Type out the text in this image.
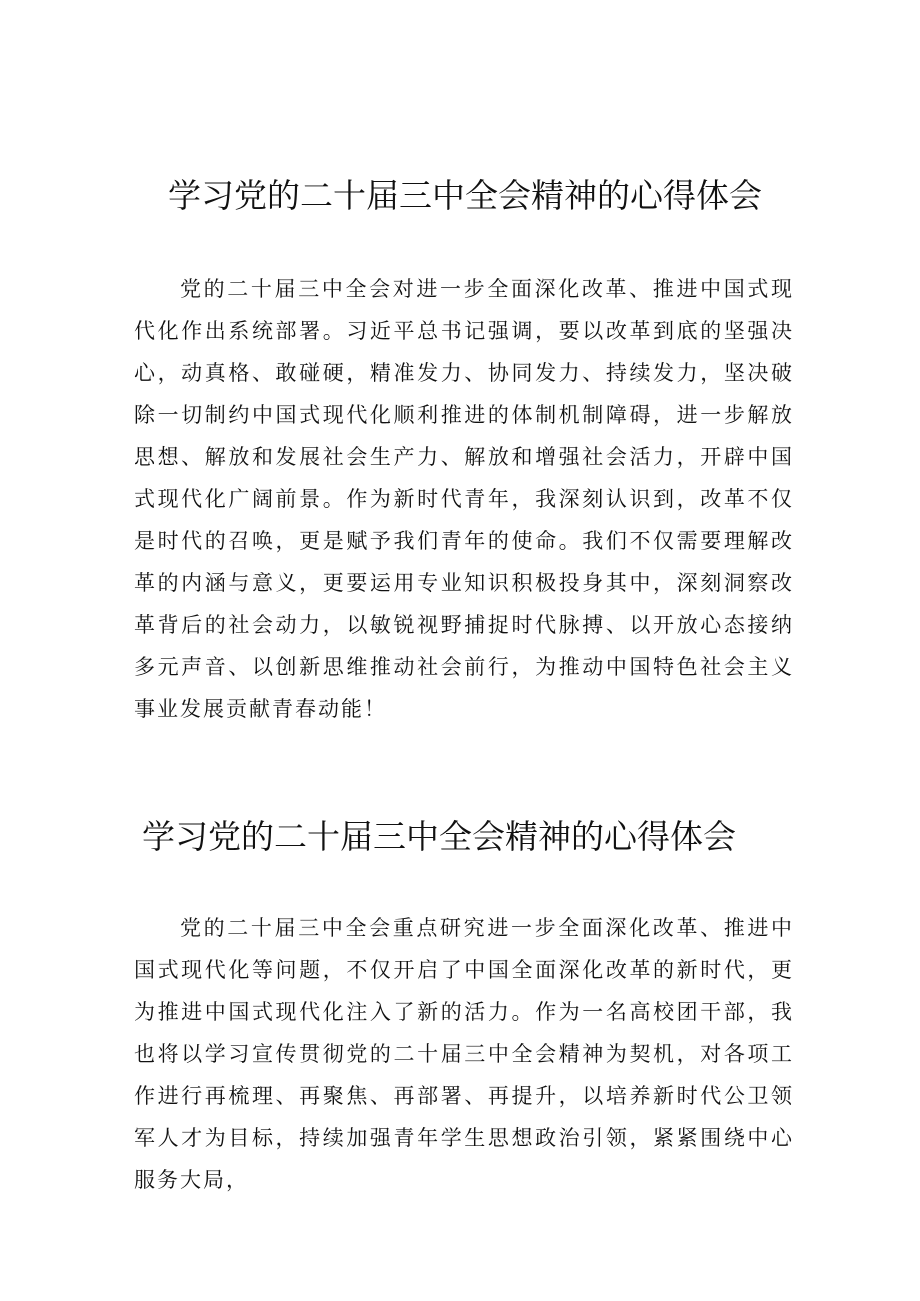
学习党的二十届三中全会精神的心得体会

党的二十届三中全会对进一步全面深化改革、推进中国式现代化作出系统部署。习近平总书记强调，要以改革到底的坚强决心，动真格、敢碰硬，精准发力、协同发力、持续发力，坚决破除一切制约中国式现代化顺利推进的体制机制障碍，进一步解放思想、解放和发展社会生产力、解放和增强社会活力，开辟中国式现代化广阔前景。作为新时代青年，我深刻认识到，改革不仅是时代的召唤，更是赋予我们青年的使命。我们不仅需要理解改革的内涵与意义，更要运用专业知识积极投身其中，深刻洞察改革背后的社会动力，以敏锐视野捕捉时代脉搏、以开放心态接纳多元声音、以创新思维推动社会前行，为推动中国特色社会主义事业发展贡献青春动能！

学习党的二十届三中全会精神的心得体会

党的二十届三中全会重点研究进一步全面深化改革、推进中国式现代化等问题，不仅开启了中国全面深化改革的新时代，更为推进中国式现代化注入了新的活力。作为一名高校团干部，我也将以学习宣传贯彻党的二十届三中全会精神为契机，对各项工作进行再梳理、再聚焦、再部署、再提升，以培养新时代公卫领军人才为目标，持续加强青年学生思想政治引领，紧紧围绕中心服务大局，
